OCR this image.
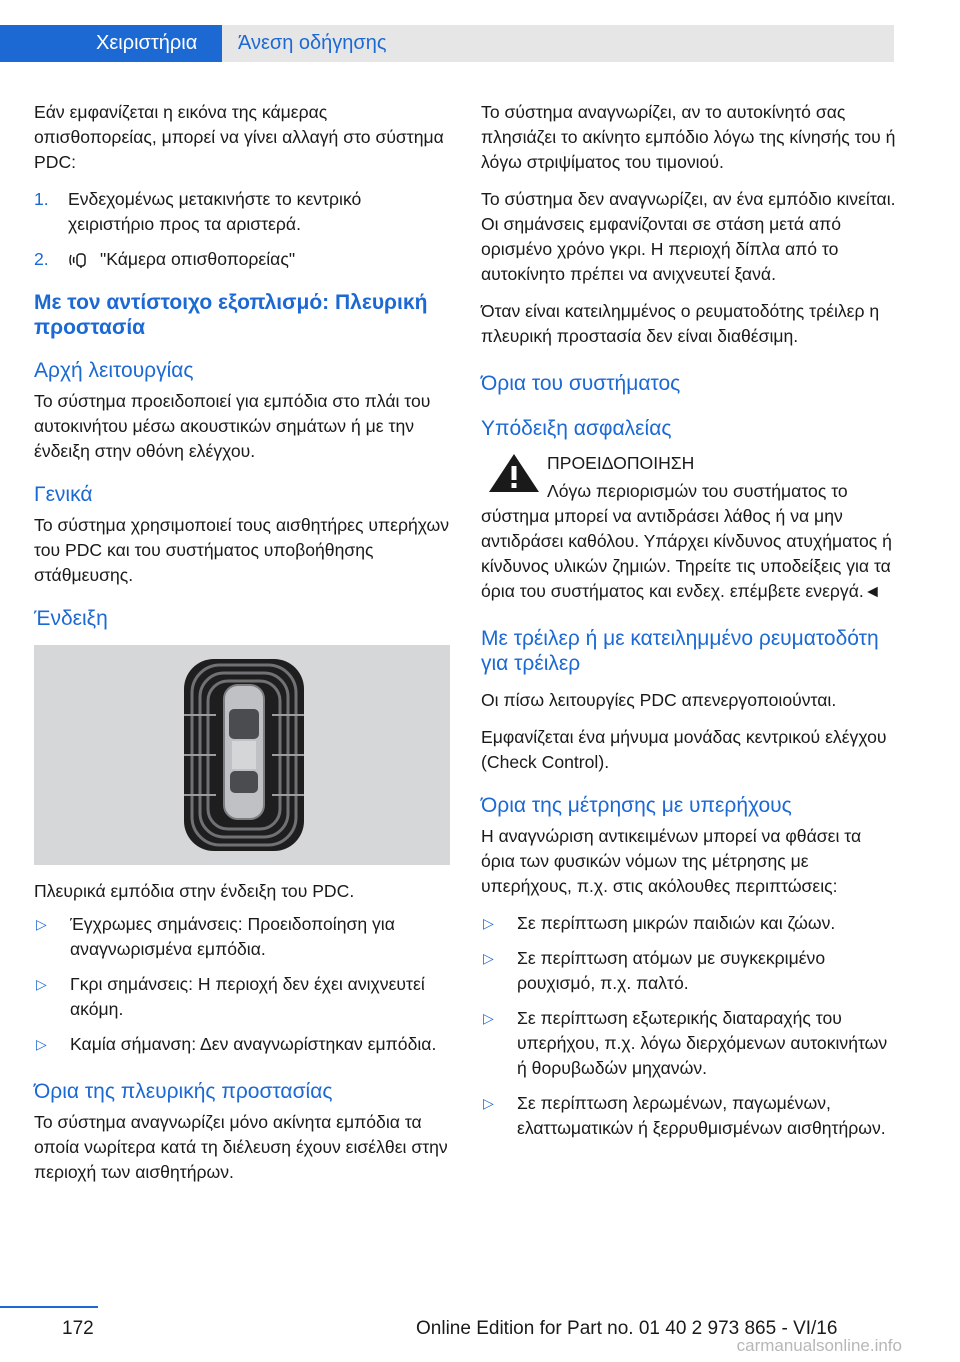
Χειριστήρια	Άνεση οδήγησης

Εάν εμφανίζεται η εικόνα της κάμερας οπισθοπορείας, μπορεί να γίνει αλλαγή στο σύστημα PDC:

1.	Ενδεχομένως μετακινήστε το κεντρικό χειριστήριο προς τα αριστερά.
2.	"Κάμερα οπισθοπορείας"
Με τον αντίστοιχο εξοπλισμό: Πλευρική προστασία
Αρχή λειτουργίας

Το σύστημα προειδοποιεί για εμπόδια στο πλάι του αυτοκινήτου μέσω ακουστικών σημάτων ή με την ένδειξη στην οθόνη ελέγχου.

Γενικά

Το σύστημα χρησιμοποιεί τους αισθητήρες υπερήχων του PDC και του συστήματος υποβοήθησης στάθμευσης.

Ένδειξη

Πλευρικά εμπόδια στην ένδειξη του PDC.

▷	Έγχρωμες σημάνσεις: Προειδοποίηση για αναγνωρισμένα εμπόδια.
▷	Γκρι σημάνσεις: Η περιοχή δεν έχει ανιχνευτεί ακόμη.
▷	Καμία σήμανση: Δεν αναγνωρίστηκαν εμπόδια.
Όρια της πλευρικής προστασίας

Το σύστημα αναγνωρίζει μόνο ακίνητα εμπόδια τα οποία νωρίτερα κατά τη διέλευση έχουν εισέλθει στην περιοχή των αισθητήρων.

Το σύστημα αναγνωρίζει, αν το αυτοκίνητό σας πλησιάζει το ακίνητο εμπόδιο λόγω της κίνησής του ή λόγω στριψίματος του τιμονιού.

Το σύστημα δεν αναγνωρίζει, αν ένα εμπόδιο κινείται. Οι σημάνσεις εμφανίζονται σε στάση μετά από ορισμένο χρόνο γκρι. Η περιοχή δίπλα από το αυτοκίνητο πρέπει να ανιχνευτεί ξανά.

Όταν είναι κατειλημμένος ο ρευματοδότης τρέιλερ η πλευρική προστασία δεν είναι διαθέσιμη.

Όρια του συστήματος
Υπόδειξη ασφαλείας
ΠΡΟΕΙΔΟΠΟΙΗΣΗ

Λόγω περιορισμών του συστήματος το σύστημα μπορεί να αντιδράσει λάθος ή να μην αντιδράσει καθόλου. Υπάρχει κίνδυνος ατυχήματος ή κίνδυνος υλικών ζημιών. Τηρείτε τις υποδείξεις για τα όρια του συστήματος και ενδεχ. επέμβετε ενεργά.◄

Με τρέιλερ ή με κατειλημμένο ρευματοδότη για τρέιλερ

Οι πίσω λειτουργίες PDC απενεργοποιούνται.

Εμφανίζεται ένα μήνυμα μονάδας κεντρικού ελέγχου (Check Control).

Όρια της μέτρησης με υπερήχους

Η αναγνώριση αντικειμένων μπορεί να φθάσει τα όρια των φυσικών νόμων της μέτρησης με υπερήχους, π.χ. στις ακόλουθες περιπτώσεις:

▷	Σε περίπτωση μικρών παιδιών και ζώων.
▷	Σε περίπτωση ατόμων με συγκεκριμένο ρουχισμό, π.χ. παλτό.
▷	Σε περίπτωση εξωτερικής διαταραχής του υπερήχου, π.χ. λόγω διερχόμενων αυτοκινήτων ή θορυβωδών μηχανών.
▷	Σε περίπτωση λερωμένων, παγωμένων, ελαττωματικών ή ξερρυθμισμένων αισθητήρων.
172	Online Edition for Part no. 01 40 2 973 865 - VI/16
carmanualsonline.info
